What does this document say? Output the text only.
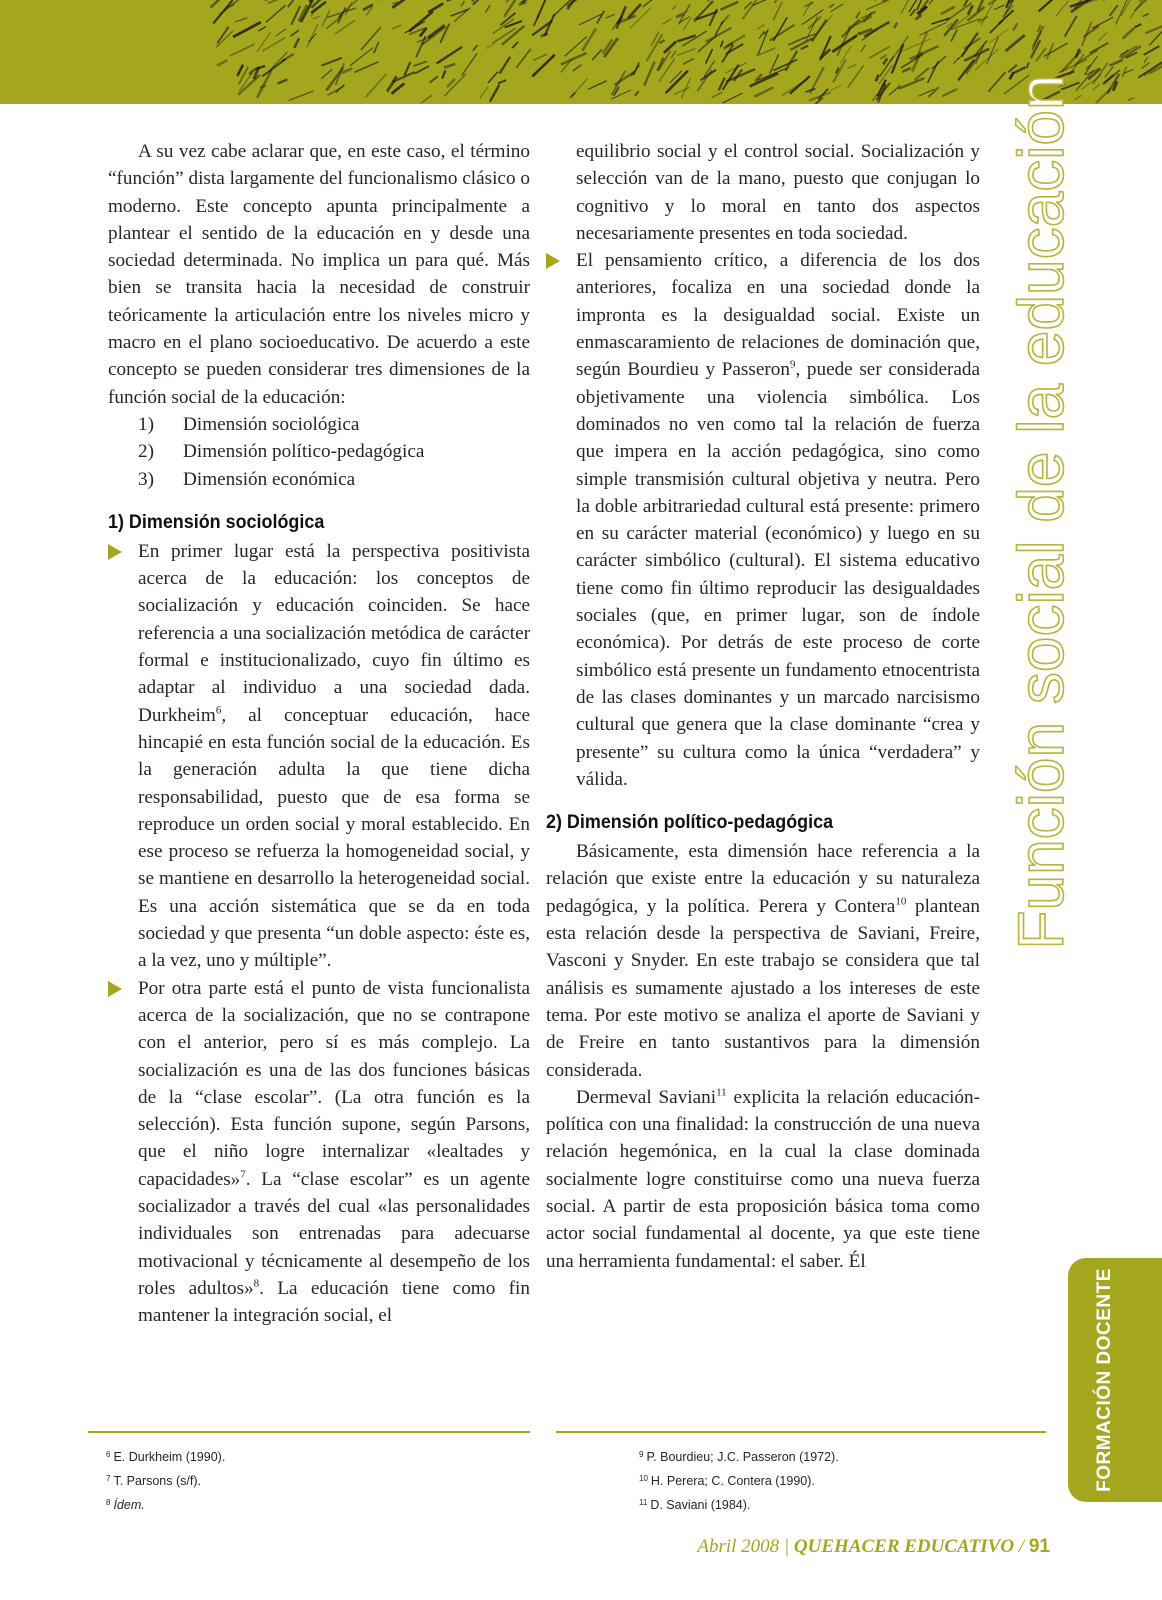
A su vez cabe aclarar que, en este caso, el término “función” dista largamente del funcionalismo clásico o moderno. Este concepto apunta principalmente a plantear el sentido de la educación en y desde una sociedad determinada. No implica un para qué. Más bien se transita hacia la necesidad de construir teóricamente la articulación entre los niveles micro y macro en el plano socioeducativo. De acuerdo a este concepto se pueden considerar tres dimensiones de la función social de la educación:

1)	Dimensión sociológica
2)	Dimensión político-pedagógica
3)	Dimensión económica
1) Dimensión sociológica
En primer lugar está la perspectiva positivista acerca de la educación: los conceptos de socialización y educación coinciden. Se hace referencia a una socialización metódica de carácter formal e institucionalizado, cuyo fin último es adaptar al individuo a una sociedad dada. Durkheim$^6$, al conceptuar educación, hace hincapié en esta función social de la educación. Es la generación adulta la que tiene dicha responsabilidad, puesto que de esa forma se reproduce un orden social y moral establecido. En ese proceso se refuerza la homogeneidad social, y se mantiene en desarrollo la heterogeneidad social. Es una acción sistemática que se da en toda sociedad y que presenta “un doble aspecto: éste es, a la vez, uno y múltiple”.
Por otra parte está el punto de vista funcionalista acerca de la socialización, que no se contrapone con el anterior, pero sí es más complejo. La socialización es una de las dos funciones básicas de la “clase escolar”. (La otra función es la selección). Esta función supone, según Parsons, que el niño logre internalizar «lealtades y capacidades»$^7$. La “clase escolar” es un agente socializador a través del cual «las personalidades individuales son entrenadas para adecuarse motivacional y técnicamente al desempeño de los roles adultos»$^8$. La educación tiene como fin mantener la integración social, el

equilibrio social y el control social. Socialización y selección van de la mano, puesto que conjugan lo cognitivo y lo moral en tanto dos aspectos necesariamente presentes en toda sociedad.

El pensamiento crítico, a diferencia de los dos anteriores, focaliza en una sociedad donde la impronta es la desigualdad social. Existe un enmascaramiento de relaciones de dominación que, según Bourdieu y Passeron$^9$, puede ser considerada objetivamente una violencia simbólica. Los dominados no ven como tal la relación de fuerza que impera en la acción pedagógica, sino como simple transmisión cultural objetiva y neutra. Pero la doble arbitrariedad cultural está presente: primero en su carácter material (económico) y luego en su carácter simbólico (cultural). El sistema educativo tiene como fin último reproducir las desigualdades sociales (que, en primer lugar, son de índole económica). Por detrás de este proceso de corte simbólico está presente un fundamento etnocentrista de las clases dominantes y un marcado narcisismo cultural que genera que la clase dominante “crea y presente” su cultura como la única “verdadera” y válida.
2) Dimensión político-pedagógica

Básicamente, esta dimensión hace referencia a la relación que existe entre la educación y su naturaleza pedagógica, y la política. Perera y Contera$^{10}$ plantean esta relación desde la perspectiva de Saviani, Freire, Vasconi y Snyder. En este trabajo se considera que tal análisis es sumamente ajustado a los intereses de este tema. Por este motivo se analiza el aporte de Saviani y de Freire en tanto sustantivos para la dimensión considerada.

Dermeval Saviani$^{11}$ explicita la relación educación-política con una finalidad: la construcción de una nueva relación hegemónica, en la cual la clase dominada socialmente logre constituirse como una nueva fuerza social. A partir de esta proposición básica toma como actor social fundamental al docente, ya que este tiene una herramienta fundamental: el saber. Él

Función social de la educación
FORMACIÓN DOCENTE
$^6$ E. Durkheim (1990).
$^7$ T. Parsons (s/f).
$^8$ Ídem.
$^9$ P. Bourdieu; J.C. Passeron (1972).
$^{10}$ H. Perera; C. Contera (1990).
$^{11}$ D. Saviani (1984).
Abril 2008 | QUEHACER EDUCATIVO / 91
